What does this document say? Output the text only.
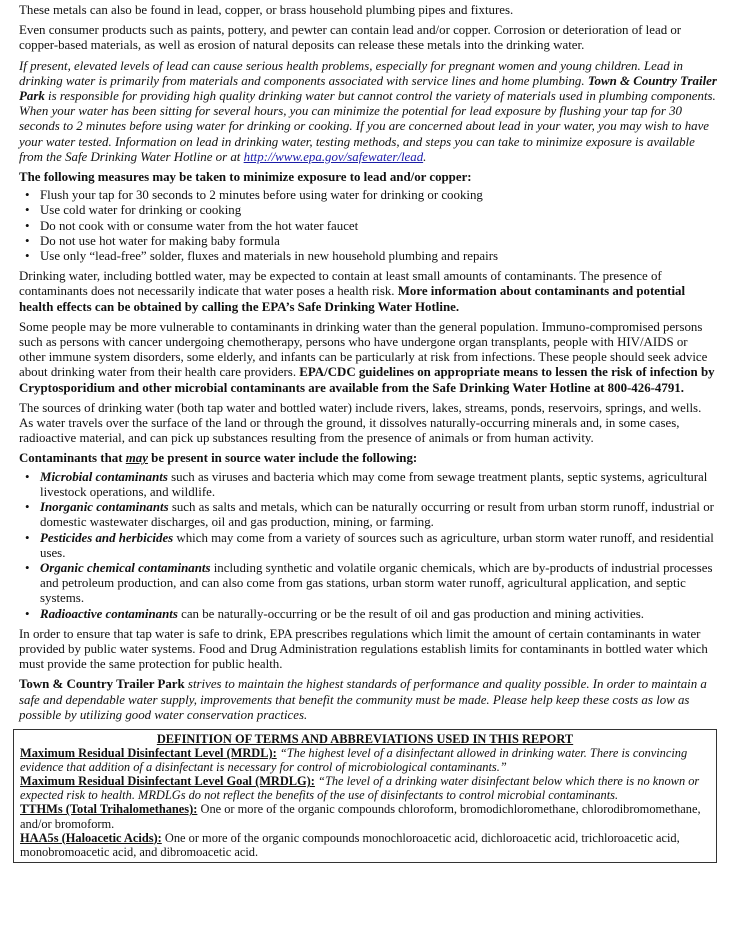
These metals can also be found in lead, copper, or brass household plumbing pipes and fixtures.

Even consumer products such as paints, pottery, and pewter can contain lead and/or copper. Corrosion or deterioration of lead or copper-based materials, as well as erosion of natural deposits can release these metals into the drinking water.

If present, elevated levels of lead can cause serious health problems, especially for pregnant women and young children. Lead in drinking water is primarily from materials and components associated with service lines and home plumbing. Town & Country Trailer Park is responsible for providing high quality drinking water but cannot control the variety of materials used in plumbing components. When your water has been sitting for several hours, you can minimize the potential for lead exposure by flushing your tap for 30 seconds to 2 minutes before using water for drinking or cooking. If you are concerned about lead in your water, you may wish to have your water tested. Information on lead in drinking water, testing methods, and steps you can take to minimize exposure is available from the Safe Drinking Water Hotline or at http://www.epa.gov/safewater/lead.

The following measures may be taken to minimize exposure to lead and/or copper:
• Flush your tap for 30 seconds to 2 minutes before using water for drinking or cooking
• Use cold water for drinking or cooking
• Do not cook with or consume water from the hot water faucet
• Do not use hot water for making baby formula
• Use only “lead-free” solder, fluxes and materials in new household plumbing and repairs

Drinking water, including bottled water, may be expected to contain at least small amounts of contaminants. The presence of contaminants does not necessarily indicate that water poses a health risk. More information about contaminants and potential health effects can be obtained by calling the EPA’s Safe Drinking Water Hotline.

Some people may be more vulnerable to contaminants in drinking water than the general population. Immuno-compromised persons such as persons with cancer undergoing chemotherapy, persons who have undergone organ transplants, people with HIV/AIDS or other immune system disorders, some elderly, and infants can be particularly at risk from infections. These people should seek advice about drinking water from their health care providers. EPA/CDC guidelines on appropriate means to lessen the risk of infection by Cryptosporidium and other microbial contaminants are available from the Safe Drinking Water Hotline at 800-426-4791.

The sources of drinking water (both tap water and bottled water) include rivers, lakes, streams, ponds, reservoirs, springs, and wells. As water travels over the surface of the land or through the ground, it dissolves naturally-occurring minerals and, in some cases, radioactive material, and can pick up substances resulting from the presence of animals or from human activity.

Contaminants that may be present in source water include the following:
• Microbial contaminants such as viruses and bacteria which may come from sewage treatment plants, septic systems, agricultural livestock operations, and wildlife.
• Inorganic contaminants such as salts and metals, which can be naturally occurring or result from urban storm runoff, industrial or domestic wastewater discharges, oil and gas production, mining, or farming.
• Pesticides and herbicides which may come from a variety of sources such as agriculture, urban storm water runoff, and residential uses.
• Organic chemical contaminants including synthetic and volatile organic chemicals, which are by-products of industrial processes and petroleum production, and can also come from gas stations, urban storm water runoff, agricultural application, and septic systems.
• Radioactive contaminants can be naturally-occurring or be the result of oil and gas production and mining activities.

In order to ensure that tap water is safe to drink, EPA prescribes regulations which limit the amount of certain contaminants in water provided by public water systems. Food and Drug Administration regulations establish limits for contaminants in bottled water which must provide the same protection for public health.

Town & Country Trailer Park strives to maintain the highest standards of performance and quality possible. In order to maintain a safe and dependable water supply, improvements that benefit the community must be made. Please help keep these costs as low as possible by utilizing good water conservation practices.

DEFINITION OF TERMS AND ABBREVIATIONS USED IN THIS REPORT

Maximum Residual Disinfectant Level (MRDL): “The highest level of a disinfectant allowed in drinking water. There is convincing evidence that addition of a disinfectant is necessary for control of microbiological contaminants.”

Maximum Residual Disinfectant Level Goal (MRDLG): “The level of a drinking water disinfectant below which there is no known or expected risk to health. MRDLGs do not reflect the benefits of the use of disinfectants to control microbial contaminants.

TTHMs (Total Trihalomethanes): One or more of the organic compounds chloroform, bromodichloromethane, chlorodibromomethane, and/or bromoform.

HAA5s (Haloacetic Acids): One or more of the organic compounds monochloroacetic acid, dichloroacetic acid, trichloroacetic acid, monobromoacetic acid, and dibromoacetic acid.
